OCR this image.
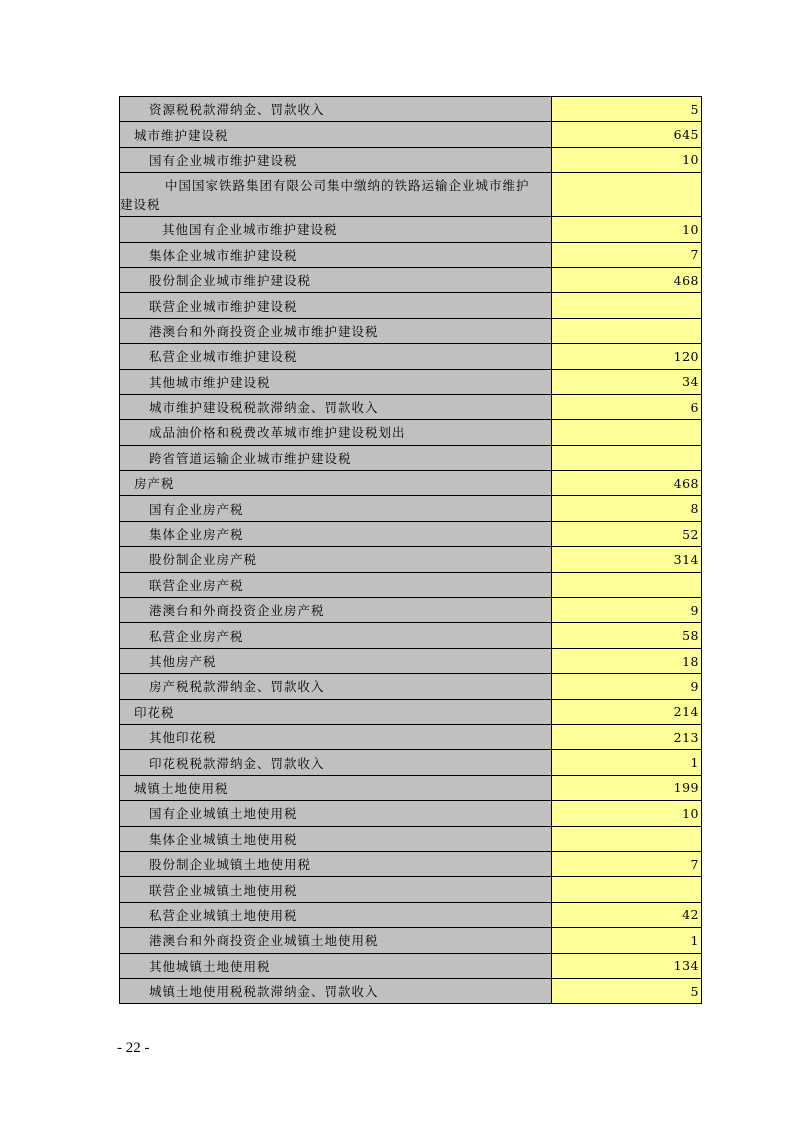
资源税税款滞纳金、罚款收入	5
城市维护建设税	645
国有企业城市维护建设税	10
中国国家铁路集团有限公司集中缴纳的铁路运输企业城市维护建设税	
其他国有企业城市维护建设税	10
集体企业城市维护建设税	7
股份制企业城市维护建设税	468
联营企业城市维护建设税	
港澳台和外商投资企业城市维护建设税	
私营企业城市维护建设税	120
其他城市维护建设税	34
城市维护建设税税款滞纳金、罚款收入	6
成品油价格和税费改革城市维护建设税划出	
跨省管道运输企业城市维护建设税	
房产税	468
国有企业房产税	8
集体企业房产税	52
股份制企业房产税	314
联营企业房产税	
港澳台和外商投资企业房产税	9
私营企业房产税	58
其他房产税	18
房产税税款滞纳金、罚款收入	9
印花税	214
其他印花税	213
印花税税款滞纳金、罚款收入	1
城镇土地使用税	199
国有企业城镇土地使用税	10
集体企业城镇土地使用税	
股份制企业城镇土地使用税	7
联营企业城镇土地使用税	
私营企业城镇土地使用税	42
港澳台和外商投资企业城镇土地使用税	1
其他城镇土地使用税	134
城镇土地使用税税款滞纳金、罚款收入	5
- 22 -
